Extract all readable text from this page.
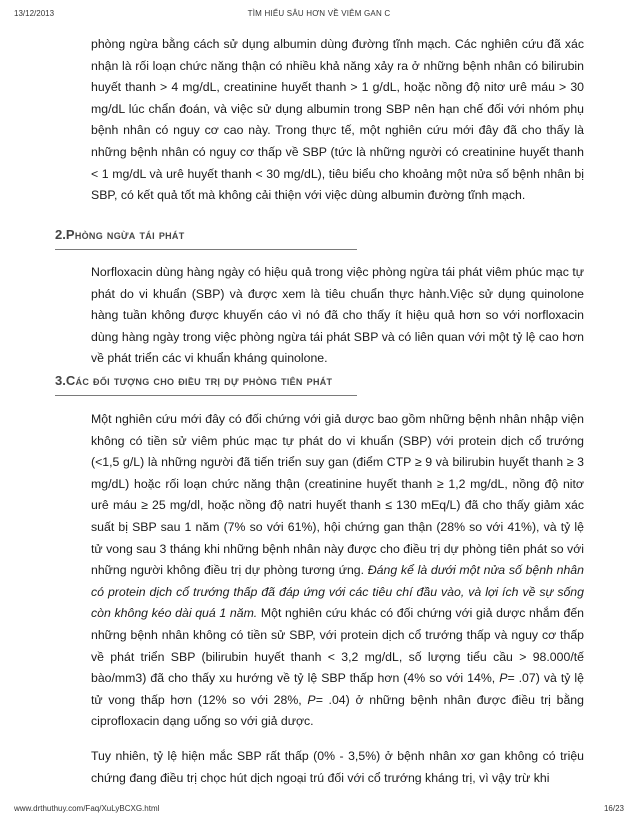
13/12/2013	TÌM HIỂU SÂU HƠN VỀ VIÊM GAN C

phòng ngừa bằng cách sử dụng albumin dùng đường tĩnh mạch. Các nghiên cứu đã xác nhận là rối loạn chức năng thận có nhiều khả năng xảy ra ở những bệnh nhân có bilirubin huyết thanh > 4 mg/dL, creatinine huyết thanh > 1 g/dL, hoặc nồng độ nitơ urê máu > 30 mg/dL lúc chẩn đoán, và việc sử dụng albumin trong SBP nên hạn chế đối với nhóm phụ bệnh nhân có nguy cơ cao này. Trong thực tế, một nghiên cứu mới đây đã cho thấy là những bệnh nhân có nguy cơ thấp về SBP (tức là những người có creatinine huyết thanh < 1 mg/dL và urê huyết thanh < 30 mg/dL), tiêu biểu cho khoảng một nửa số bệnh nhân bị SBP, có kết quả tốt mà không cải thiện với việc dùng albumin đường tĩnh mạch.

2.Phòng ngừa tái phát

Norfloxacin dùng hàng ngày có hiệu quả trong việc phòng ngừa tái phát viêm phúc mạc tự phát do vi khuẩn (SBP) và được xem là tiêu chuẩn thực hành.Việc sử dụng quinolone hàng tuần không được khuyến cáo vì nó đã cho thấy ít hiệu quả hơn so với norfloxacin dùng hàng ngày trong việc phòng ngừa tái phát SBP và có liên quan với một tỷ lệ cao hơn về phát triển các vi khuẩn kháng quinolone.

3.Các đối tượng cho điều trị dự phòng tiên phát

Một nghiên cứu mới đây có đối chứng với giả dược bao gồm những bệnh nhân nhập viện không có tiền sử viêm phúc mạc tự phát do vi khuẩn (SBP) với protein dịch cổ trướng (<1,5 g/L) là những người đã tiến triển suy gan (điểm CTP ≥ 9 và bilirubin huyết thanh ≥ 3 mg/dL) hoặc rối loạn chức năng thận (creatinine huyết thanh ≥ 1,2 mg/dL, nồng độ nitơ urê máu ≥ 25 mg/dl, hoặc nồng độ natri huyết thanh ≤ 130 mEq/L) đã cho thấy giảm xác suất bị SBP sau 1 năm (7% so với 61%), hội chứng gan thận (28% so với 41%), và tỷ lệ tử vong sau 3 tháng khi những bệnh nhân này được cho điều trị dự phòng tiên phát so với những người không điều trị dự phòng tương ứng. Đáng kể là dưới một nửa số bệnh nhân có protein dịch cổ trướng thấp đã đáp ứng với các tiêu chí đầu vào, và lợi ích về sự sống còn không kéo dài quá 1 năm. Một nghiên cứu khác có đối chứng với giả dược nhắm đến những bệnh nhân không có tiền sử SBP, với protein dịch cổ trướng thấp và nguy cơ thấp về phát triển SBP (bilirubin huyết thanh < 3,2 mg/dL, số lượng tiểu cầu > 98.000/tế bào/mm3) đã cho thấy xu hướng về tỷ lệ SBP thấp hơn (4% so với 14%, P= .07) và tỷ lệ tử vong thấp hơn (12% so với 28%, P= .04) ở những bệnh nhân được điều trị bằng ciprofloxacin dạng uống so với giả dược.

Tuy nhiên, tỷ lệ hiện mắc SBP rất thấp (0% - 3,5%) ở bệnh nhân xơ gan không có triệu chứng đang điều trị chọc hút dịch ngoại trú đối với cổ trướng kháng trị, vì vậy trừ khi

www.drthuthuy.com/Faq/XuLyBCXG.html	16/23
